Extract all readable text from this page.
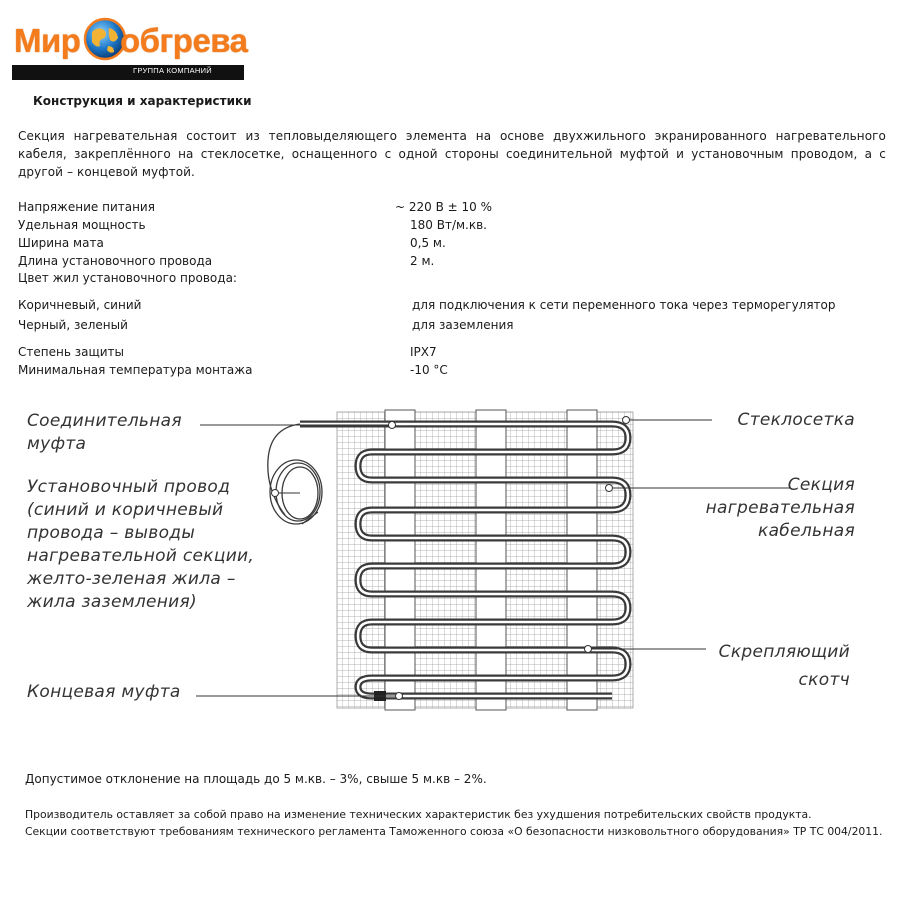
Мир обгрева
ГРУППА КОМПАНИЙ
Конструкция и характеристики
Секция нагревательная состоит из тепловыделяющего элемента на основе двухжильного экранированного нагревательного кабеля, закреплённого на стеклосетке, оснащенного с одной стороны соединительной муфтой и установочным проводом, а с другой – концевой муфтой.
Напряжение питания	~ 220 В ± 10 %
Удельная мощность	180 Вт/м.кв.
Ширина мата	0,5 м.
Длина установочного провода	2 м.
Цвет жил установочного провода:
Коричневый, синий	для подключения к сети переменного тока через терморегулятор
Черный, зеленый	для заземления
Степень защиты	IPX7
Минимальная температура монтажа	-10 °С
Соединительная
муфта
Установочный провод
(синий и коричневый
провода – выводы
нагревательной секции,
желто-зеленая жила –
жила заземления)
Концевая муфта
Стеклосетка
Секция
нагревательная
кабельная
Скрепляющий
скотч
Допустимое отклонение на площадь до 5 м.кв. – 3%, свыше 5 м.кв – 2%.
Производитель оставляет за собой право на изменение технических характеристик без ухудшения потребительских свойств продукта.
Секции соответствуют требованиям технического регламента Таможенного союза «О безопасности низковольтного оборудования» ТР ТС 004/2011.
